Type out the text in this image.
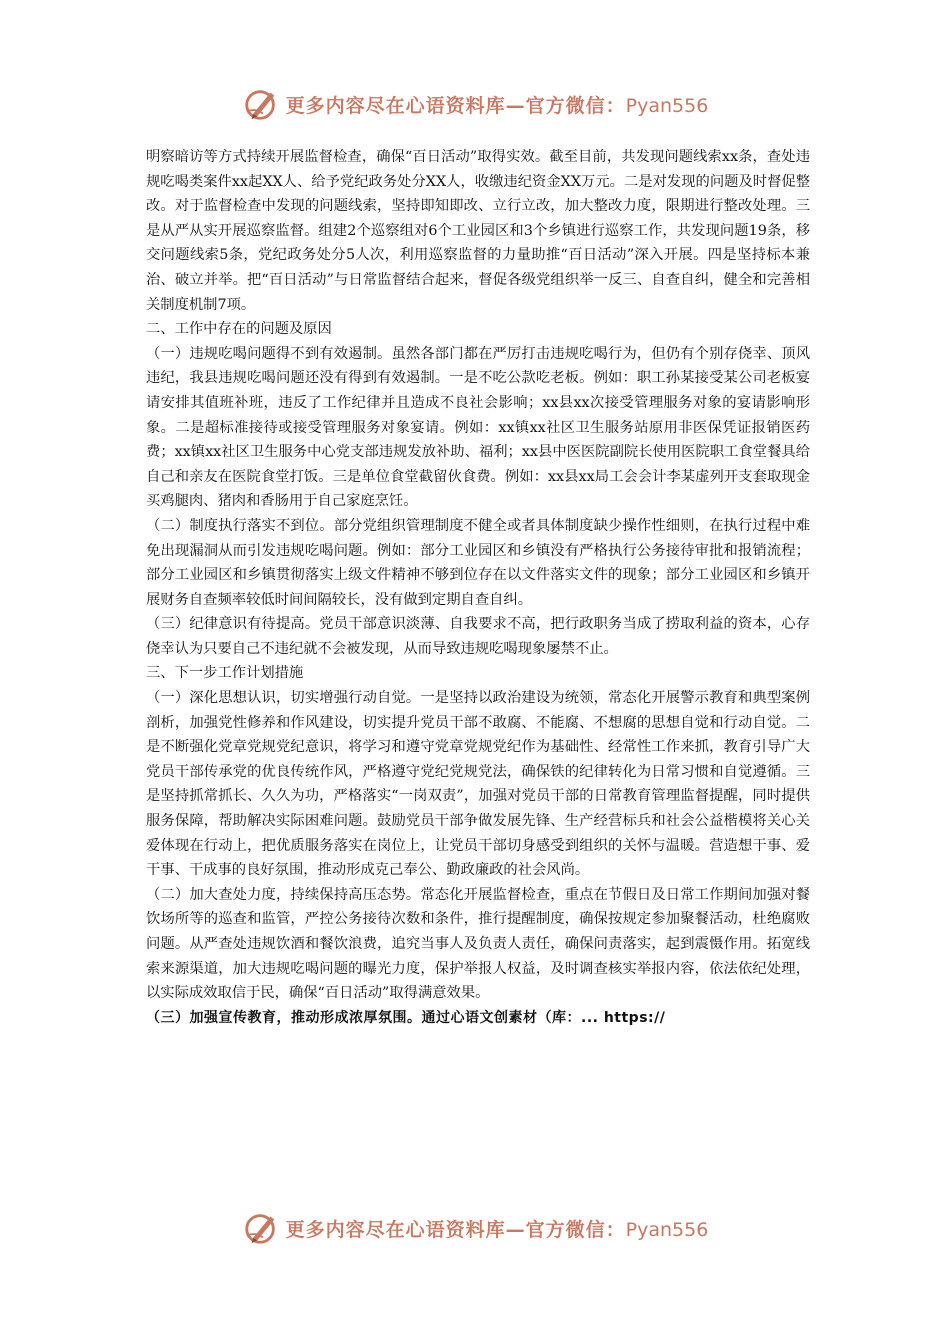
更多内容尽在心语资料库—官方微信：Pyan556

明察暗访等方式持续开展监督检查，确保“百日活动”取得实效。截至目前，共发现问题线索xx条，查处违规吃喝类案件xx起XX人、给予党纪政务处分XX人，收缴违纪资金XX万元。二是对发现的问题及时督促整改。对于监督检查中发现的问题线索，坚持即知即改、立行立改，加大整改力度，限期进行整改处理。三是从严从实开展巡察监督。组建2个巡察组对6个工业园区和3个乡镇进行巡察工作，共发现问题19条，移交问题线索5条，党纪政务处分5人次，利用巡察监督的力量助推“百日活动”深入开展。四是坚持标本兼治、破立并举。把“百日活动”与日常监督结合起来，督促各级党组织举一反三、自查自纠，健全和完善相关制度机制7项。

二、工作中存在的问题及原因

（一）违规吃喝问题得不到有效遏制。虽然各部门都在严厉打击违规吃喝行为，但仍有个别存侥幸、顶风违纪，我县违规吃喝问题还没有得到有效遏制。一是不吃公款吃老板。例如：职工孙某接受某公司老板宴请安排其值班补班，违反了工作纪律并且造成不良社会影响；xx县xx次接受管理服务对象的宴请影响形象。二是超标准接待或接受管理服务对象宴请。例如：xx镇xx社区卫生服务站原用非医保凭证报销医药费；xx镇xx社区卫生服务中心党支部违规发放补助、福利；xx县中医医院副院长使用医院职工食堂餐具给自己和亲友在医院食堂打饭。三是单位食堂截留伙食费。例如：xx县xx局工会会计李某虚列开支套取现金买鸡腿肉、猪肉和香肠用于自己家庭烹饪。

（二）制度执行落实不到位。部分党组织管理制度不健全或者具体制度缺少操作性细则，在执行过程中难免出现漏洞从而引发违规吃喝问题。例如：部分工业园区和乡镇没有严格执行公务接待审批和报销流程；部分工业园区和乡镇贯彻落实上级文件精神不够到位存在以文件落实文件的现象；部分工业园区和乡镇开展财务自查频率较低时间间隔较长，没有做到定期自查自纠。

（三）纪律意识有待提高。党员干部意识淡薄、自我要求不高，把行政职务当成了捞取利益的资本，心存侥幸认为只要自己不违纪就不会被发现，从而导致违规吃喝现象屡禁不止。

三、下一步工作计划措施

（一）深化思想认识，切实增强行动自觉。一是坚持以政治建设为统领，常态化开展警示教育和典型案例剖析，加强党性修养和作风建设，切实提升党员干部不敢腐、不能腐、不想腐的思想自觉和行动自觉。二是不断强化党章党规党纪意识，将学习和遵守党章党规党纪作为基础性、经常性工作来抓，教育引导广大党员干部传承党的优良传统作风，严格遵守党纪党规党法，确保铁的纪律转化为日常习惯和自觉遵循。三是坚持抓常抓长、久久为功，严格落实“一岗双责”，加强对党员干部的日常教育管理监督提醒，同时提供服务保障，帮助解决实际困难问题。鼓励党员干部争做发展先锋、生产经营标兵和社会公益楷模将关心关爱体现在行动上，把优质服务落实在岗位上，让党员干部切身感受到组织的关怀与温暖。营造想干事、爱干事、干成事的良好氛围，推动形成克己奉公、勤政廉政的社会风尚。

（二）加大查处力度，持续保持高压态势。常态化开展监督检查，重点在节假日及日常工作期间加强对餐饮场所等的巡查和监管，严控公务接待次数和条件，推行提醒制度，确保按规定参加聚餐活动，杜绝腐败问题。从严查处违规饮酒和餐饮浪费，追究当事人及负责人责任，确保问责落实，起到震慑作用。拓宽线索来源渠道，加大违规吃喝问题的曝光力度，保护举报人权益，及时调查核实举报内容，依法依纪处理，以实际成效取信于民，确保“百日活动”取得满意效果。

（三）加强宣传教育，推动形成浓厚氛围。通过心语文创素材（库：... https://

更多内容尽在心语资料库—官方微信：Pyan556
